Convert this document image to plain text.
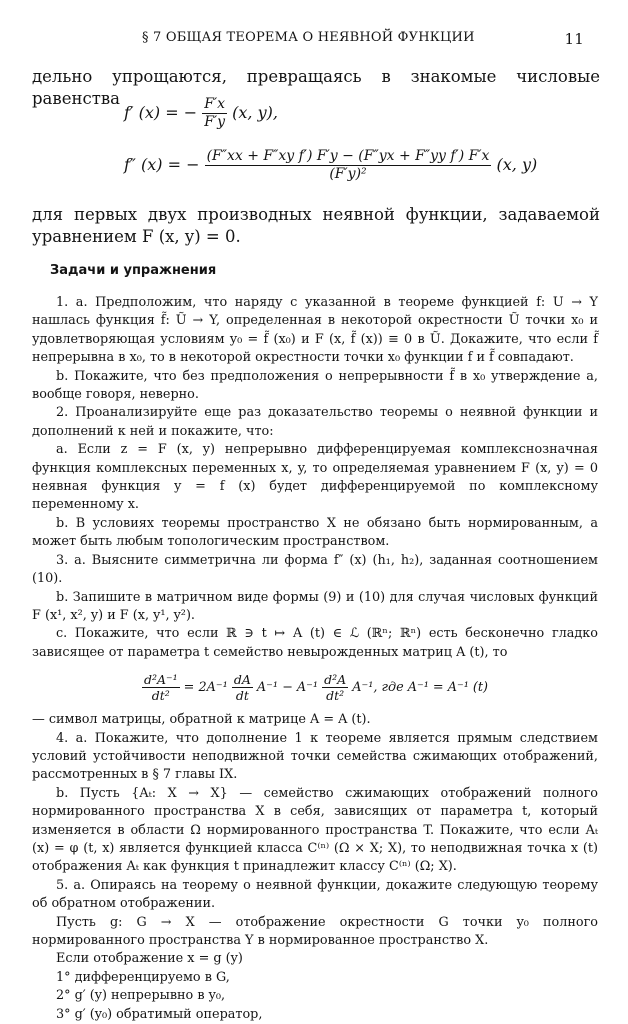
§ 7 ОБЩАЯ ТЕОРЕМА О НЕЯВНОЙ ФУНКЦИИ	11
дельно упрощаются, превращаясь в знакомые числовые равенства
f′ (x) = − $\frac{F'x}{F'y} (x$, y),
f″ (x) = − $\frac{\text{(F″xx + F″xy f′) F′y − (F″yx + F″yy f′) F′x}}{\text{(F′y)²}} (x$, y)
для первых двух производных неявной функции, задаваемой уравнением F (x, y) = 0.
Задачи и упражнения

1. a. Предположим, что наряду с указанной в теореме функцией f: U → Y нашлась функция f̃: Ũ → Y, определенная в некоторой окрестности Ũ точки x₀ и удовлетворяющая условиям y₀ = f̃ (x₀) и F (x, f̃ (x)) ≡ 0 в Ũ. Докажите, что если f̃ непрерывна в x₀, то в некоторой окрестности точки x₀ функции f и f̃ совпадают.

b. Покажите, что без предположения о непрерывности f̃ в x₀ утверждение a, вообще говоря, неверно.

2. Проанализируйте еще раз доказательство теоремы о неявной функции и дополнений к ней и покажите, что:

a. Если z = F (x, y) непрерывно дифференцируемая комплекснозначная функция комплексных переменных x, y, то определяемая уравнением F (x, y) = 0 неявная функция y = f (x) будет дифференцируемой по комплексному переменному x.

b. В условиях теоремы пространство X не обязано быть нормированным, а может быть любым топологическим пространством.

3. a. Выясните симметрична ли форма f″ (x) (h₁, h₂), заданная соотношением (10).

b. Запишите в матричном виде формы (9) и (10) для случая числовых функций F (x¹, x², y) и F (x, y¹, y²).

c. Покажите, что если ℝ ∋ t ↦ A (t) ∈ ℒ (ℝⁿ; ℝⁿ) есть бесконечно гладко зависящее от параметра t семейство невырожденных матриц A (t), то

$\frac{\text{d²A⁻¹}}{\text{dt²}} = 2A^{-1} \frac{dA}{dt} A^{-1} - A^{-1} \frac{\text{d²A}}{\text{dt²}} A^{-1}$, где A⁻¹ = A⁻¹ (t)

— символ матрицы, обратной к матрице A = A (t).

4. a. Покажите, что дополнение 1 к теореме является прямым следствием условий устойчивости неподвижной точки семейства сжимающих отображений, рассмотренных в § 7 главы IX.

b. Пусть {Aₜ: X → X} — семейство сжимающих отображений полного нормированного пространства X в себя, зависящих от параметра t, который изменяется в области Ω нормированного пространства T. Покажите, что если Aₜ (x) = φ (t, x) является функцией класса C⁽ⁿ⁾ (Ω × X; X), то неподвижная точка x (t) отображения Aₜ как функция t принадлежит классу C⁽ⁿ⁾ (Ω; X).

5. a. Опираясь на теорему о неявной функции, докажите следующую теорему об обратном отображении.

Пусть g: G → X — отображение окрестности G точки y₀ полного нормированного пространства Y в нормированное пространство X.

Если отображение x = g (y)

1° дифференцируемо в G,

2° g′ (y) непрерывно в y₀,

3° g′ (y₀) обратимый оператор,
